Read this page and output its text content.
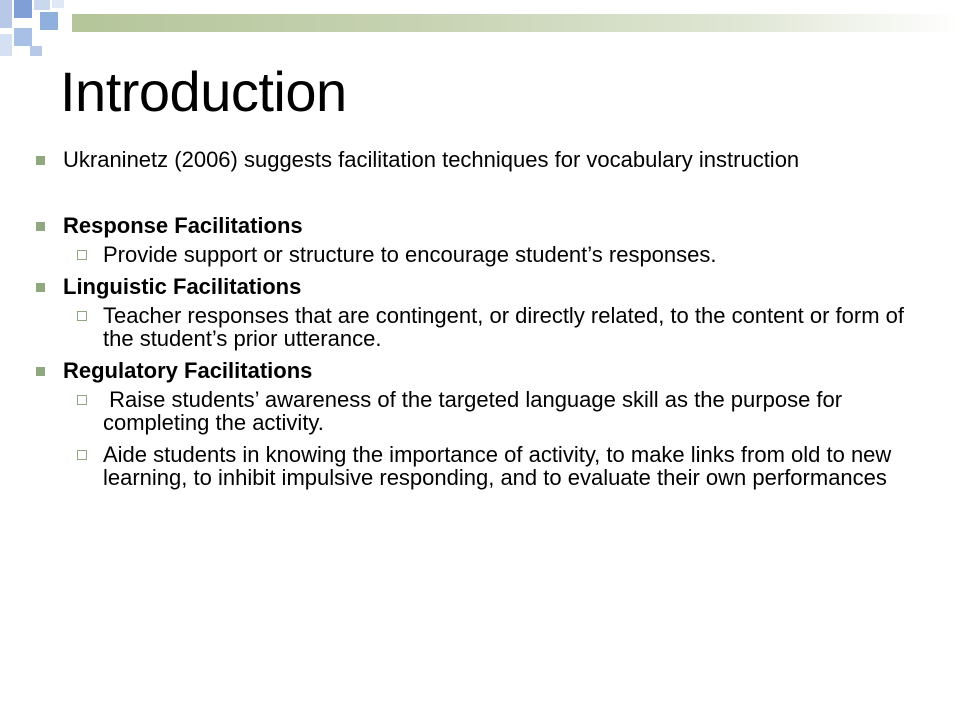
Introduction
Ukraninetz (2006) suggests facilitation techniques for vocabulary instruction
Response Facilitations
Provide support or structure to encourage student’s responses.
Linguistic Facilitations
Teacher responses that are contingent, or directly related, to the content or form of the student’s prior utterance.
Regulatory Facilitations
Raise students’ awareness of the targeted language skill as the purpose for completing the activity.
Aide students in knowing the importance of activity, to make links from old to new learning, to inhibit impulsive responding, and to evaluate their own performances
